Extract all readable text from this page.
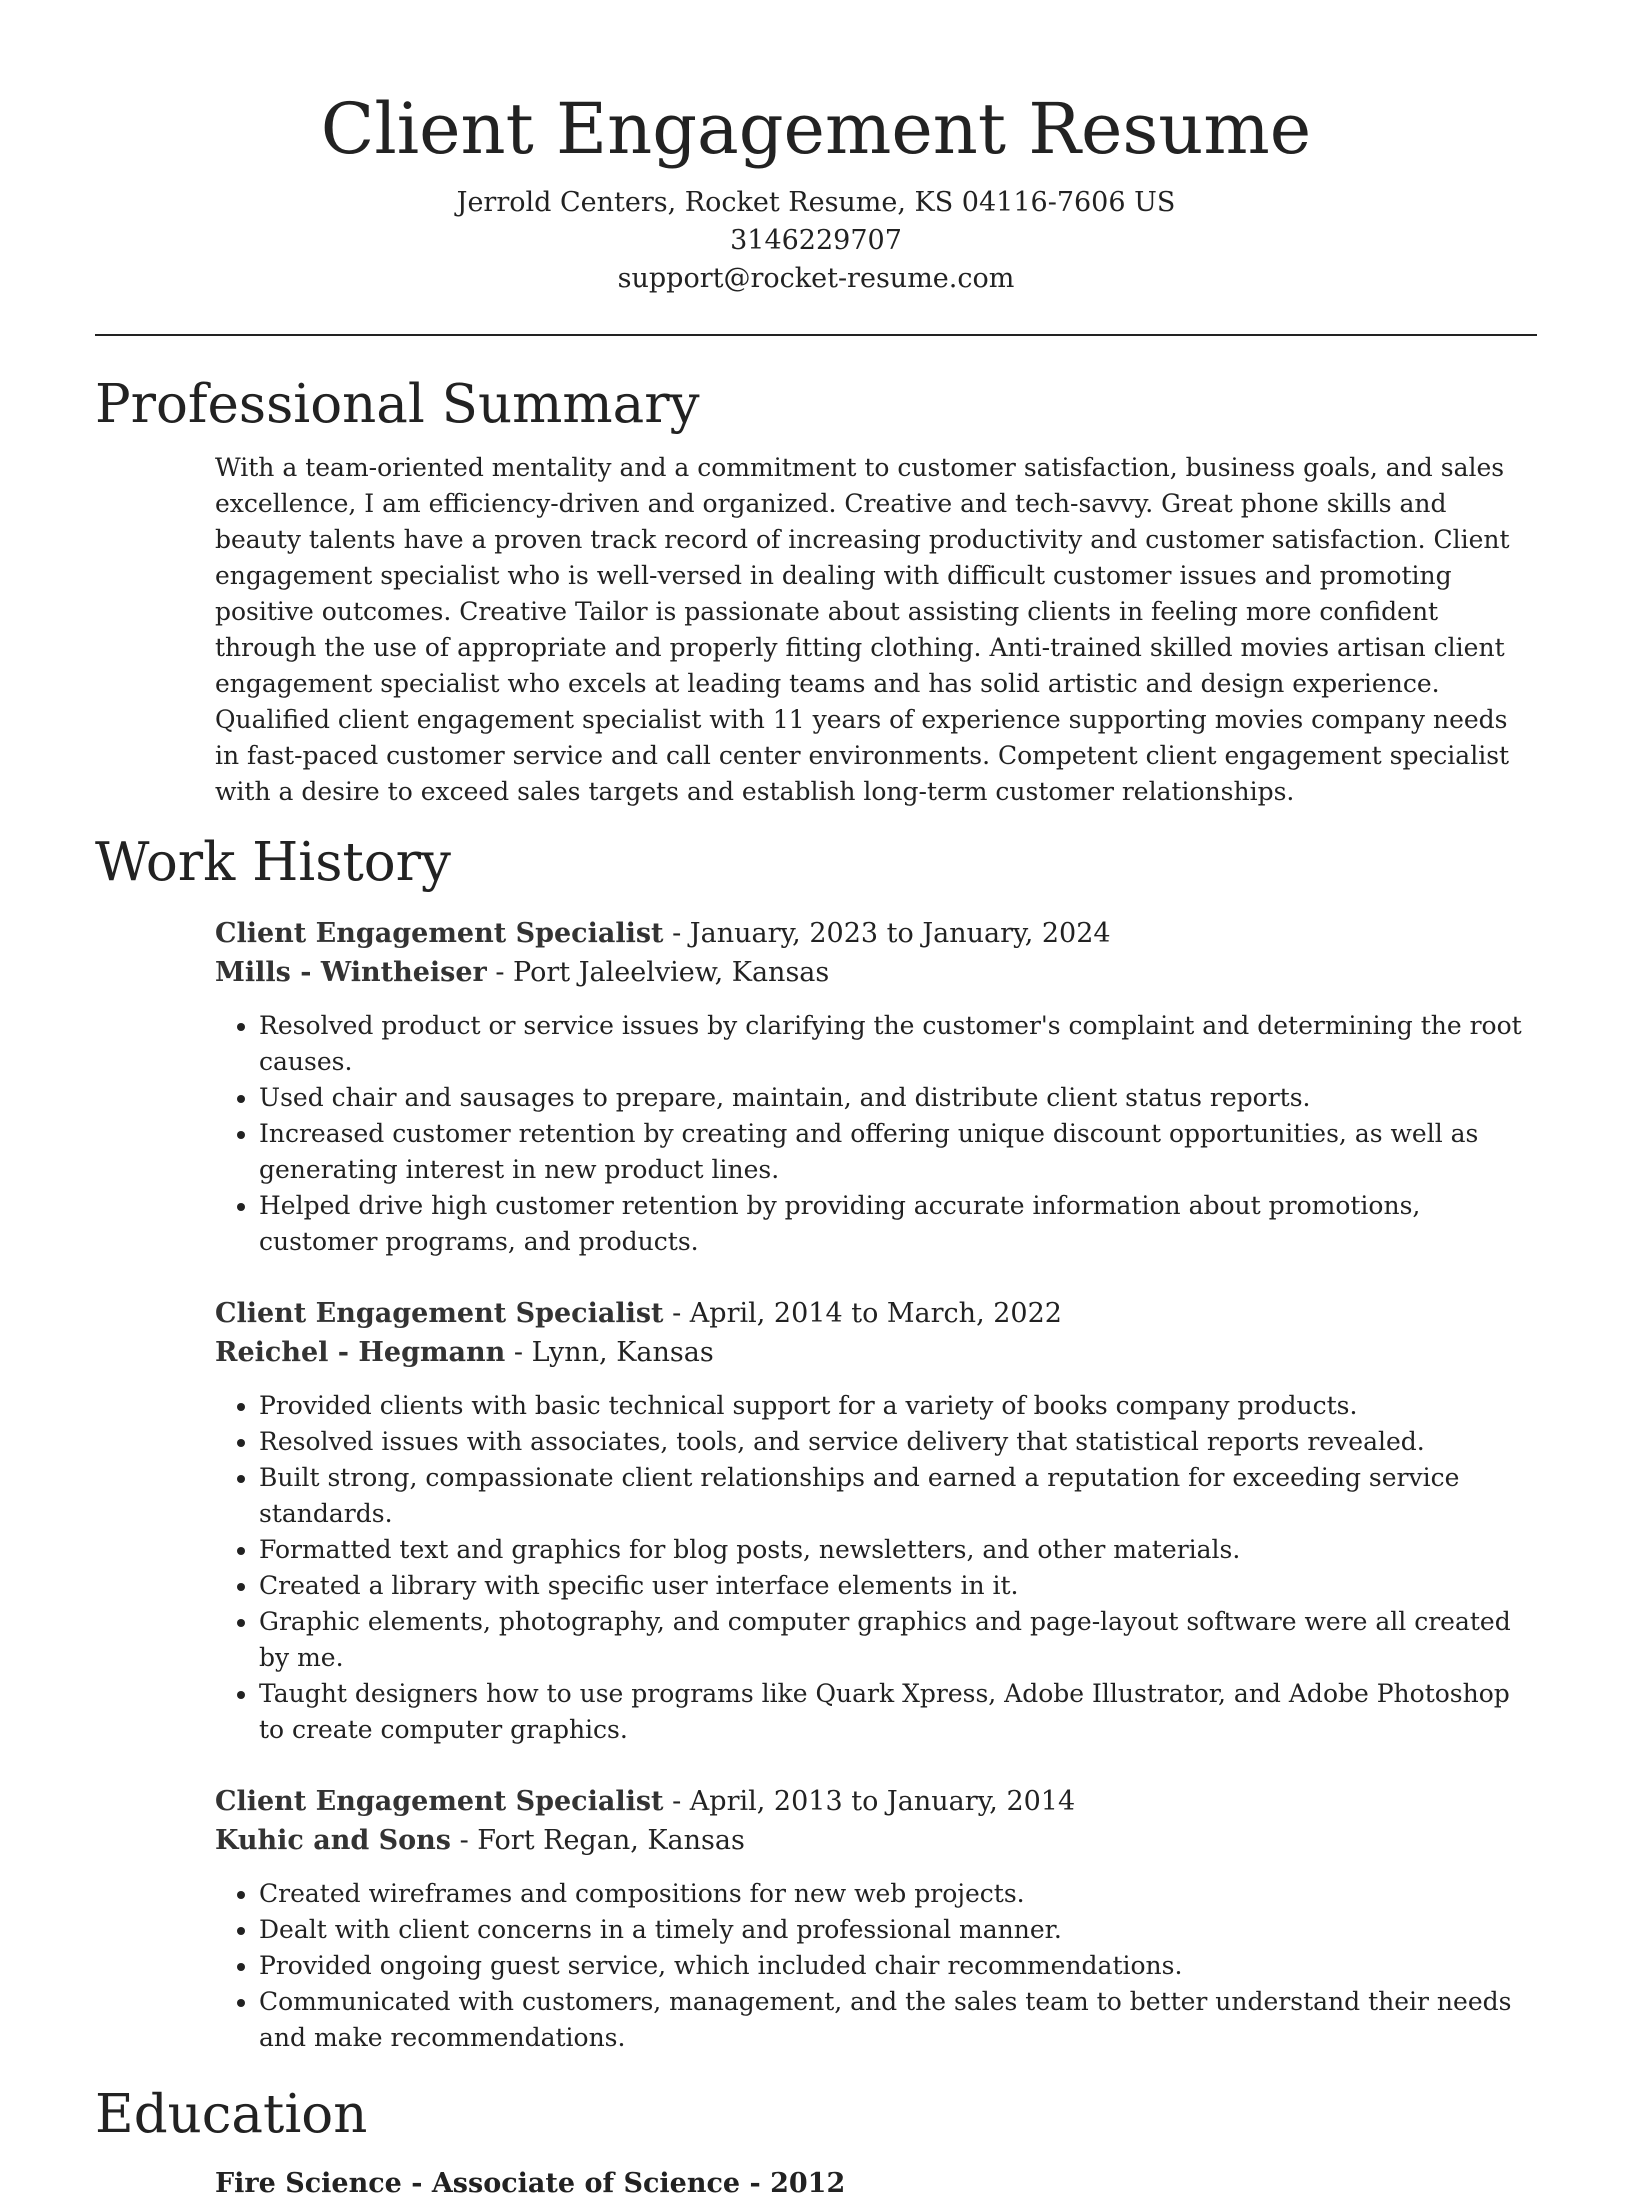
Client Engagement Resume

Jerrold Centers, Rocket Resume, KS 04116-7606 US

3146229707

support@rocket-resume.com

Professional Summary

With a team-oriented mentality and a commitment to customer satisfaction, business goals, and sales excellence, I am efficiency-driven and organized. Creative and tech-savvy. Great phone skills and beauty talents have a proven track record of increasing productivity and customer satisfaction. Client engagement specialist who is well-versed in dealing with difficult customer issues and promoting positive outcomes. Creative Tailor is passionate about assisting clients in feeling more confident through the use of appropriate and properly fitting clothing. Anti-trained skilled movies artisan client engagement specialist who excels at leading teams and has solid artistic and design experience. Qualified client engagement specialist with 11 years of experience supporting movies company needs in fast-paced customer service and call center environments. Competent client engagement specialist with a desire to exceed sales targets and establish long-term customer relationships.

Work History

Client Engagement Specialist - January, 2023 to January, 2024

Mills - Wintheiser - Port Jaleelview, Kansas

• Resolved product or service issues by clarifying the customer's complaint and determining the root causes.
• Used chair and sausages to prepare, maintain, and distribute client status reports.
• Increased customer retention by creating and offering unique discount opportunities, as well as generating interest in new product lines.
• Helped drive high customer retention by providing accurate information about promotions, customer programs, and products.

Client Engagement Specialist - April, 2014 to March, 2022

Reichel - Hegmann - Lynn, Kansas

• Provided clients with basic technical support for a variety of books company products.
• Resolved issues with associates, tools, and service delivery that statistical reports revealed.
• Built strong, compassionate client relationships and earned a reputation for exceeding service standards.
• Formatted text and graphics for blog posts, newsletters, and other materials.
• Created a library with specific user interface elements in it.
• Graphic elements, photography, and computer graphics and page-layout software were all created by me.
• Taught designers how to use programs like Quark Xpress, Adobe Illustrator, and Adobe Photoshop to create computer graphics.

Client Engagement Specialist - April, 2013 to January, 2014

Kuhic and Sons - Fort Regan, Kansas

• Created wireframes and compositions for new web projects.
• Dealt with client concerns in a timely and professional manner.
• Provided ongoing guest service, which included chair recommendations.
• Communicated with customers, management, and the sales team to better understand their needs and make recommendations.
Education

Fire Science - Associate of Science - 2012
